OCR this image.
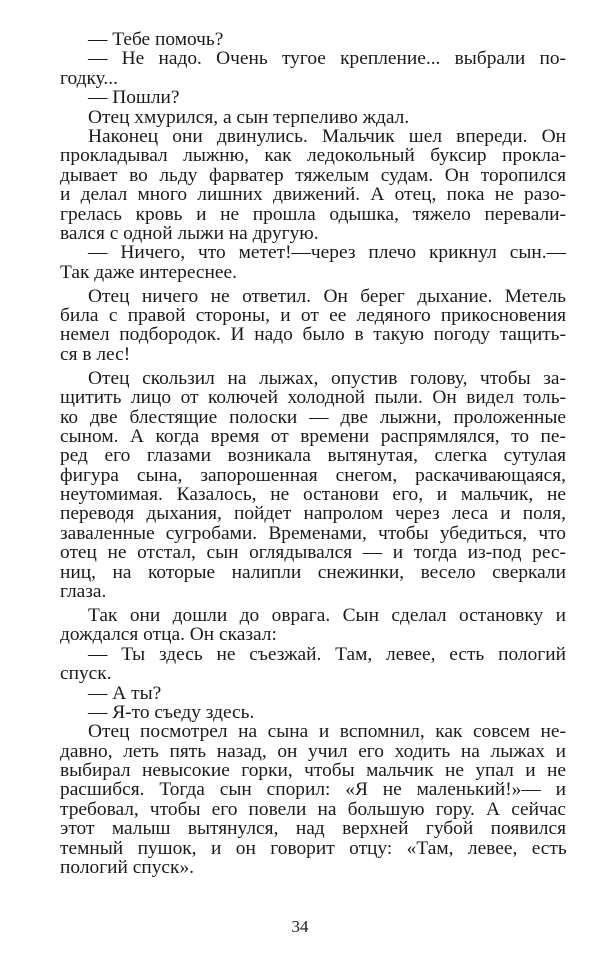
— Тебе помочь?
— Не надо. Очень тугое крепление... выбрали по-
годку...
— Пошли?
Отец хмурился, а сын терпеливо ждал.
Наконец они двинулись. Мальчик шел впереди. Он
прокладывал лыжню, как ледокольный буксир прокла-
дывает во льду фарватер тяжелым судам. Он торопился
и делал много лишних движений. А отец, пока не разо-
грелась кровь и не прошла одышка, тяжело перевали-
вался с одной лыжи на другую.
— Ничего, что метет!—через плечо крикнул сын.—
Так даже интереснее.
Отец ничего не ответил. Он берег дыхание. Метель
била с правой стороны, и от ее ледяного прикосновения
немел подбородок. И надо было в такую погоду тащить-
ся в лес!
Отец скользил на лыжах, опустив голову, чтобы за-
щитить лицо от колючей холодной пыли. Он видел толь-
ко две блестящие полоски — две лыжни, проложенные
сыном. А когда время от времени распрямлялся, то пе-
ред его глазами возникала вытянутая, слегка сутулая
фигура сына, запорошенная снегом, раскачивающаяся,
неутомимая. Казалось, не останови его, и мальчик, не
переводя дыхания, пойдет напролом через леса и поля,
заваленные сугробами. Временами, чтобы убедиться, что
отец не отстал, сын оглядывался — и тогда из-под рес-
ниц, на которые налипли снежинки, весело сверкали
глаза.
Так они дошли до оврага. Сын сделал остановку и
дождался отца. Он сказал:
— Ты здесь не съезжай. Там, левее, есть пологий
спуск.
— А ты?
— Я-то съеду здесь.
Отец посмотрел на сына и вспомнил, как совсем не-
давно, леть пять назад, он учил его ходить на лыжах и
выбирал невысокие горки, чтобы мальчик не упал и не
расшибся. Тогда сын спорил: «Я не маленький!»— и
требовал, чтобы его повели на большую гору. А сейчас
этот малыш вытянулся, над верхней губой появился
темный пушок, и он говорит отцу: «Там, левее, есть
пологий спуск».
34
